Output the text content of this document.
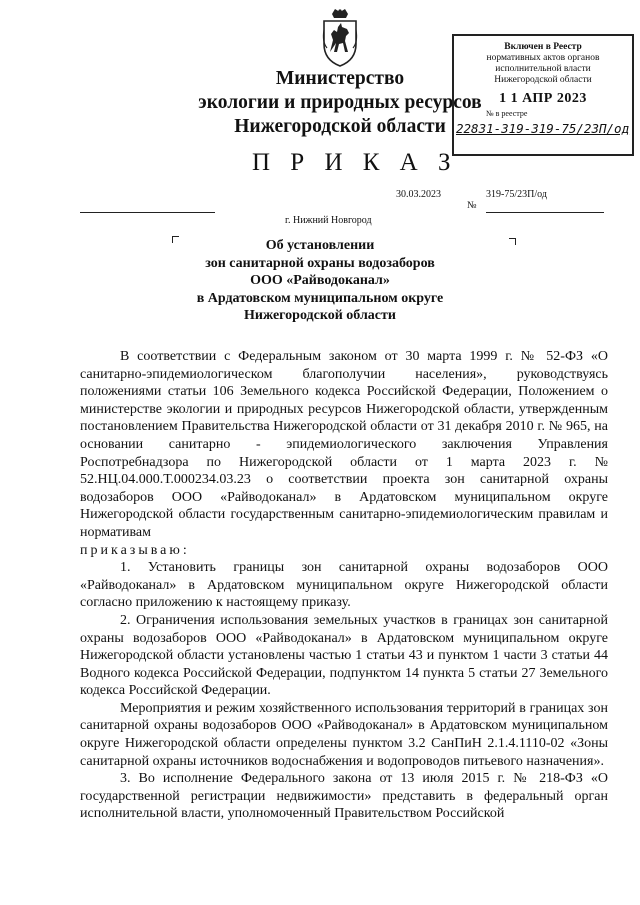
Министерство
экологии и природных ресурсов
Нижегородской области
Включен в Реестр
нормативных актов органов
исполнительной власти
Нижегородской области
1 1 АПР 2023
№ в реестре
22831-319-319-75/23П/од
П Р И К А З
30.03.2023	319-75/23П/од
№
г. Нижний Новгород
Об установлении
зон санитарной охраны водозаборов
ООО «Райводоканал»
в Ардатовском муниципальном округе
Нижегородской области

В соответствии с Федеральным законом от 30 марта 1999 г. № 52-ФЗ «О санитарно-эпидемиологическом благополучии населения», руководствуясь положениями статьи 106 Земельного кодекса Российской Федерации, Положением о министерстве экологии и природных ресурсов Нижегородской области, утвержденным постановлением Правительства Нижегородской области от 31 декабря 2010 г. № 965, на основании санитарно - эпидемиологического заключения Управления Роспотребнадзора по Нижегородской области от 1 марта 2023 г. № 52.НЦ.04.000.Т.000234.03.23 о соответствии проекта зон санитарной охраны водозаборов ООО «Райводоканал» в Ардатовском муниципальном округе Нижегородской области государственным санитарно-эпидемиологическим правилам и нормативам

приказываю:

1. Установить границы зон санитарной охраны водозаборов ООО «Райводоканал» в Ардатовском муниципальном округе Нижегородской области согласно приложению к настоящему приказу.

2. Ограничения использования земельных участков в границах зон санитарной охраны водозаборов ООО «Райводоканал» в Ардатовском муниципальном округе Нижегородской области установлены частью 1 статьи 43 и пунктом 1 части 3 статьи 44 Водного кодекса Российской Федерации, подпунктом 14 пункта 5 статьи 27 Земельного кодекса Российской Федерации.

Мероприятия и режим хозяйственного использования территорий в границах зон санитарной охраны водозаборов ООО «Райводоканал» в Ардатовском муниципальном округе Нижегородской области определены пунктом 3.2 СанПиН 2.1.4.1110-02 «Зоны санитарной охраны источников водоснабжения и водопроводов питьевого назначения».

3. Во исполнение Федерального закона от 13 июля 2015 г. № 218-ФЗ «О государственной регистрации недвижимости» представить в федеральный орган исполнительной власти, уполномоченный Правительством Российской
